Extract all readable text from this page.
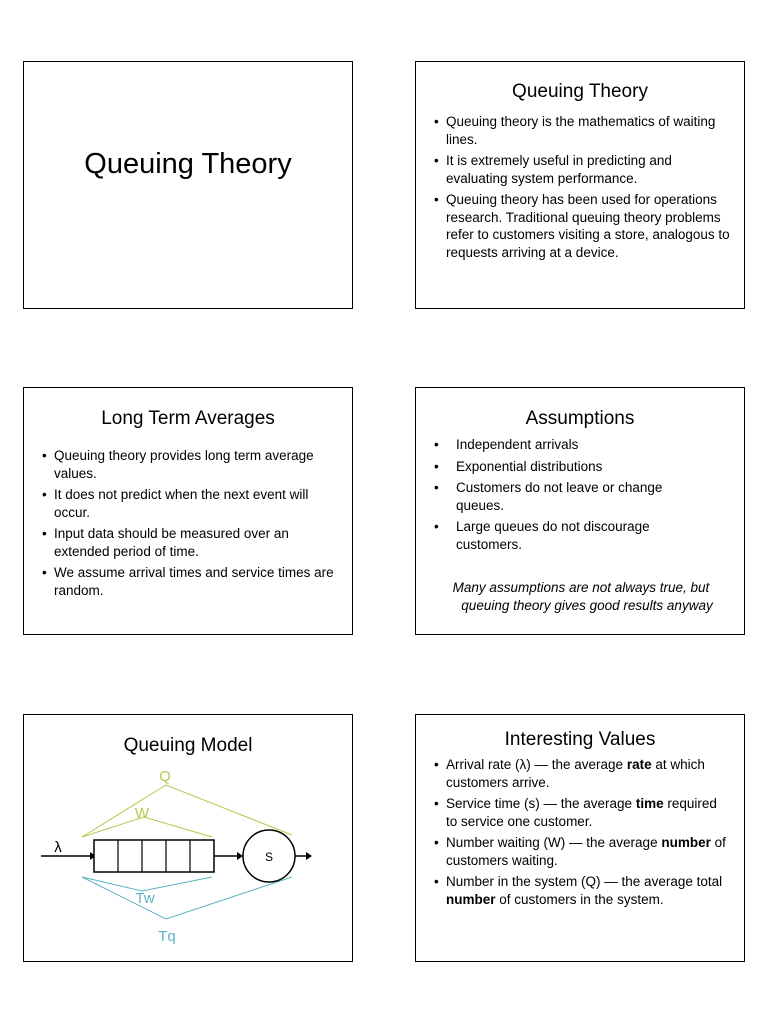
Queuing Theory
Queuing Theory
• Queuing theory is the mathematics of waiting lines.
• It is extremely useful in predicting and evaluating system performance.
• Queuing theory has been used for operations research. Traditional queuing theory problems refer to customers visiting a store, analogous to requests arriving at a device.
Long Term Averages
• Queuing theory provides long term average values.
• It does not predict when the next event will occur.
• Input data should be measured over an extended period of time.
• We assume arrival times and service times are random.
Assumptions
• Independent arrivals
• Exponential distributions
• Customers do not leave or change queues.
• Large queues do not discourage customers.
Many assumptions are not always true, but
queuing theory gives good results anyway
Queuing Model
S
Q
W
λ
Tw
Tq
Interesting Values
• Arrival rate (λ) — the average rate at which customers arrive.
• Service time (s) — the average time required to service one customer.
• Number waiting (W) — the average number of customers waiting.
• Number in the system (Q) — the average total number of customers in the system.
